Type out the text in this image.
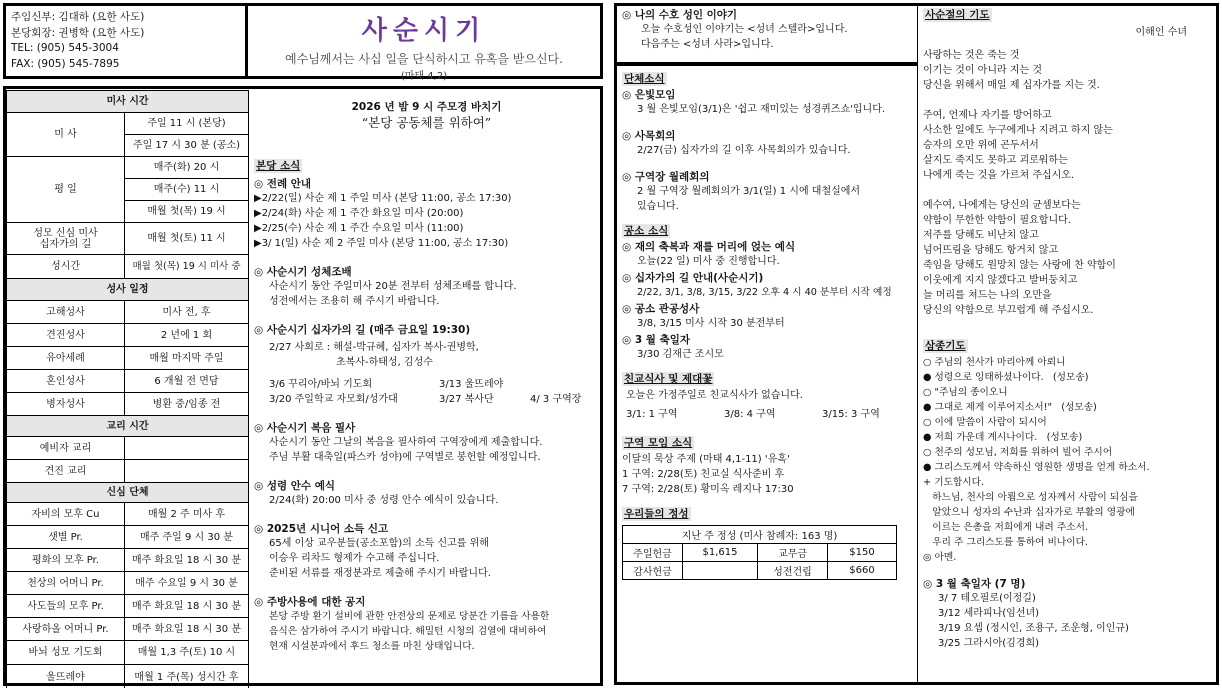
주임신부: 김대하 (요한 사도)
본당회장: 권병학 (요한 사도)
TEL: (905) 545-3004
FAX: (905) 545-7895
사순시기
예수님께서는 사십 일을 단식하시고 유혹을 받으신다.
(마태 4,2)
미사 시간	
미 사	주일 11 시 (본당)
	주일 17 시 30 분 (공소)
평 일	매주(화) 20 시
	매주(수) 11 시
	매월 첫(목) 19 시
성모 신심 미사
십자가의 길	매월 첫(토) 11 시
성시간	매월 첫(목) 19 시 미사 중
성사 일정	
고해성사	미사 전, 후
견진성사	2 년에 1 회
유아세례	매월 마지막 주일
혼인성사	6 개월 전 면담
병자성사	병환 중/임종 전
교리 시간	
예비자 교리	
견진 교리	
신심 단체	
자비의 모후 Cu	매월 2 주 미사 후
샛별 Pr.	매주 주일 9 시 30 분
평화의 모후 Pr.	매주 화요일 18 시 30 분
천상의 어머니 Pr.	매주 수요일 9 시 30 분
사도들의 모후 Pr.	매주 화요일 18 시 30 분
사랑하올 어머니 Pr.	매주 화요일 18 시 30 분
바뇌 성모 기도회	매월 1,3 주(토) 10 시
울뜨레야	매월 1 주(목) 성시간 후
2026 년 밤 9 시 주모경 바치기
“본당 공동체를 위하여”
본당 소식
◎ 전례 안내
▶2/22(일) 사순 제 1 주일 미사 (본당 11:00, 공소 17:30)
▶2/24(화) 사순 제 1 주간 화요일 미사 (20:00)
▶2/25(수) 사순 제 1 주간 수요일 미사 (11:00)
▶3/ 1(일) 사순 제 2 주일 미사 (본당 11:00, 공소 17:30)
◎ 사순시기 성체조배
사순시기 동안 주일미사 20분 전부터 성체조배를 합니다.
성전에서는 조용히 해 주시기 바랍니다.
◎ 사순시기 십자가의 길 (매주 금요일 19:30)
2/27 사회로 : 해설-박규혜, 십자가 복사-권병학,
초복사-하태성, 김성수
3/6 꾸리아/바뇌 기도회	3/13 울뜨레야
3/20 주일학교 자모회/성가대	3/27 복사단	4/ 3 구역장
◎ 사순시기 복음 필사
사순시기 동안 그날의 복음을 필사하여 구역장에게 제출합니다.
주님 부활 대축일(파스카 성야)에 구역별로 봉헌할 예정입니다.
◎ 성령 안수 예식
2/24(화) 20:00 미사 중 성령 안수 예식이 있습니다.
◎ 2025년 시니어 소득 신고
65세 이상 교우분들(공소포함)의 소득 신고를 위해
이승우 리차드 형제가 수고해 주십니다.
준비된 서류를 재정분과로 제출해 주시기 바랍니다.
◎ 주방사용에 대한 공지
본당 주방 환기 설비에 관한 안전상의 문제로 당분간 기름을 사용한
음식은 삼가하여 주시기 바랍니다. 해밀턴 시청의 검열에 대비하여
현재 시설분과에서 후드 청소를 마친 상태입니다.
◎ 나의 수호 성인 이야기
오늘 수호성인 이야기는 <성녀 스텔라>입니다.
다음주는 <성녀 사라>입니다.
단체소식
◎ 은빛모임
3 월 은빛모임(3/1)은 '쉽고 재미있는 성경퀴즈쇼'입니다.
◎ 사목회의
2/27(금) 십자가의 길 이후 사목회의가 있습니다.
◎ 구역장 월례회의
2 월 구역장 월례회의가 3/1(일) 1 시에 대철실에서
있습니다.
공소 소식
◎ 재의 축복과 재를 머리에 얹는 예식
오늘(22 일) 미사 중 진행합니다.
◎ 십자가의 길 안내(사순시기)
2/22, 3/1, 3/8, 3/15, 3/22 오후 4 시 40 분부터 시작 예정
◎ 공소 관공성사
3/8, 3/15 미사 시작 30 분전부터
◎ 3 월 축일자
3/30 김재근 조시모
친교식사 및 제대꽃
오늘은 가정주일로 친교식사가 없습니다.
3/1: 1 구역	3/8: 4 구역	3/15: 3 구역
구역 모임 소식
이달의 묵상 주제 (마태 4,1-11) '유혹'
1 구역: 2/28(토) 친교실 식사준비 후
7 구역: 2/28(토) 황미옥 레지나 17:30
우리들의 정성
지난 주 정성 (미사 참례자: 163 명)			
주일헌금	$1,615	교무금	$150
감사헌금		성전건립	$660
사순절의 기도
이해인 수녀
사랑하는 것은 죽는 것
이기는 것이 아니라 지는 것
당신을 위해서 매일 제 십자가를 지는 것.
주여, 언제나 자기를 방어하고
사소한 일에도 누구에게나 지려고 하지 않는
승자의 오만 위에 곤두서서
살지도 죽지도 못하고 괴로워하는
나에게 죽는 것을 가르쳐 주십시오.
예수여, 나에게는 당신의 균셈보다는
약함이 무한한 약함이 필요합니다.
저주를 당해도 비난치 않고
넘어뜨림을 당해도 항거치 않고
죽임을 당해도 원망치 않는 사랑에 찬 약함이
이웃에게 지지 않겠다고 발버둥치고
늘 머리를 쳐드는 나의 오만을
당신의 약함으로 부끄럽게 해 주십시오.
삼종기도
○ 주님의 천사가 마리아께 아뢰니
● 성령으로 잉태하셨나이다.   (성모송)
○ "주님의 종이오니
● 그대로 제게 이루어지소서!"   (성모송)
○ 이에 말씀이 사람이 되시어
● 저희 가운데 계시나이다.   (성모송)
○ 천주의 성모님, 저희를 위하여 빌어 주시어
● 그리스도께서 약속하신 영원한 생명을 얻게 하소서.
+ 기도합시다.
하느님, 천사의 아룀으로 성자께서 사람이 되심을
알았으니 성자의 수난과 십자가로 부활의 영광에
이르는 은총을 저희에게 내려 주소서.
우리 주 그리스도를 통하여 비나이다.
◎ 아멘.
◎ 3 월 축일자 (7 명)
3/ 7 테오필로(이정길)
3/12 세라피나(임선녀)
3/19 요셉 (정시인, 조용구, 조운형, 이인규)
3/25 그라시아(김경희)
